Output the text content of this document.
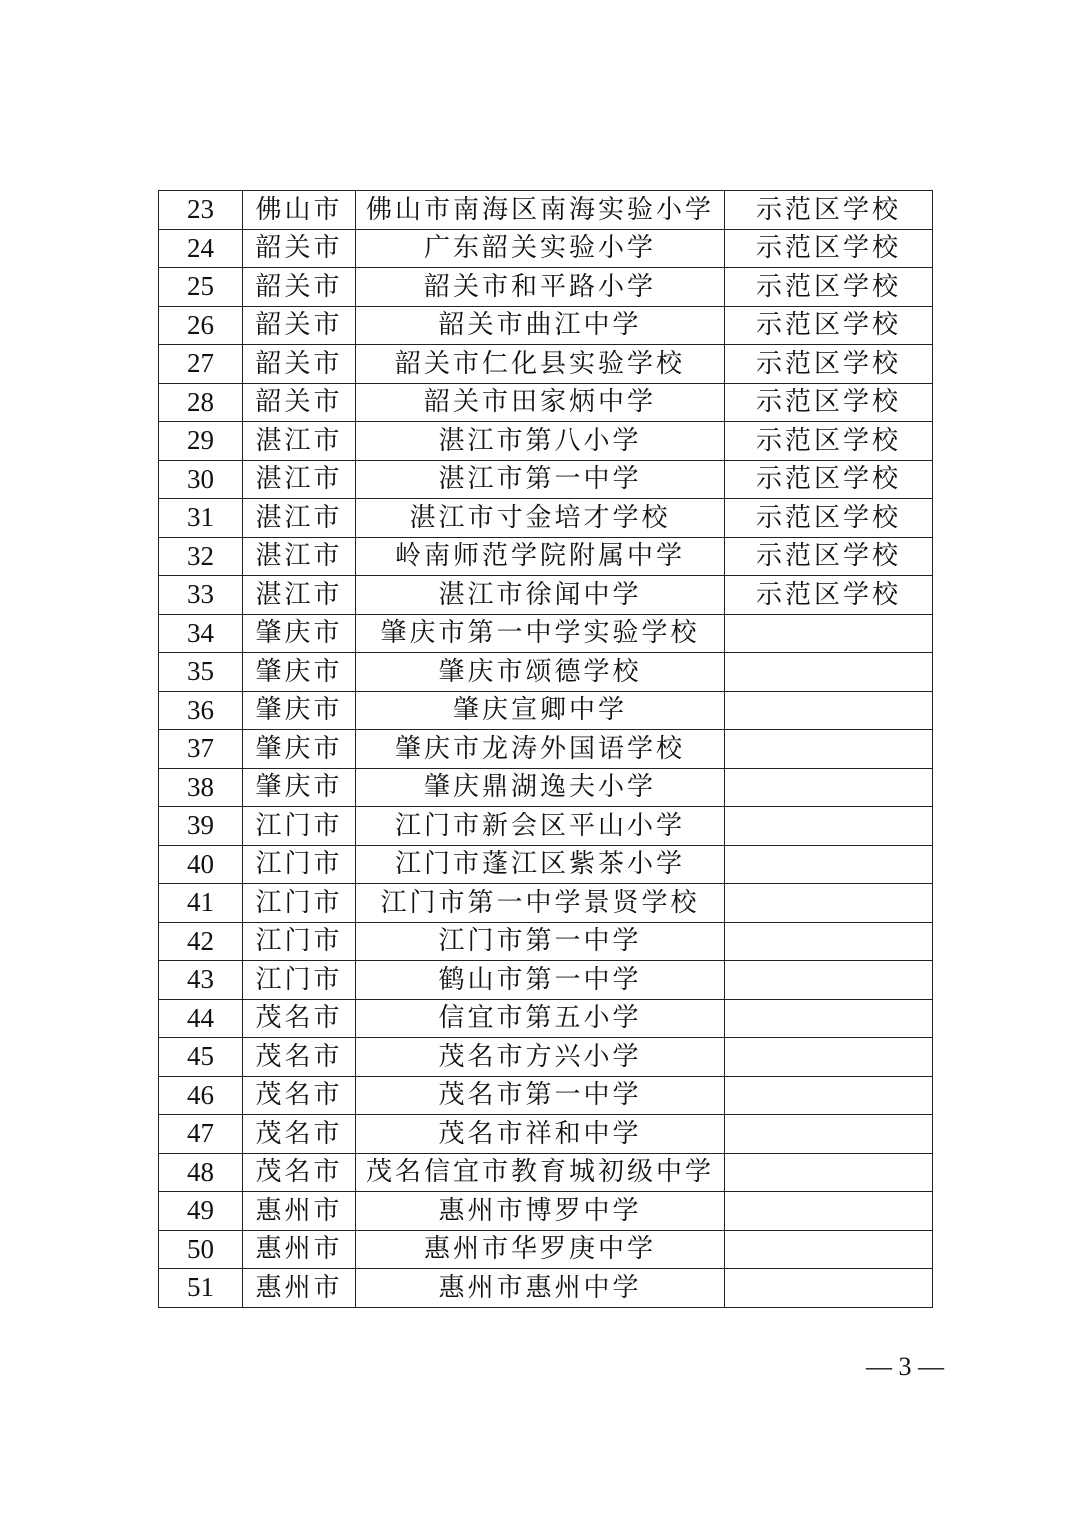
23	佛山市	佛山市南海区南海实验小学	示范区学校
24	韶关市	广东韶关实验小学	示范区学校
25	韶关市	韶关市和平路小学	示范区学校
26	韶关市	韶关市曲江中学	示范区学校
27	韶关市	韶关市仁化县实验学校	示范区学校
28	韶关市	韶关市田家炳中学	示范区学校
29	湛江市	湛江市第八小学	示范区学校
30	湛江市	湛江市第一中学	示范区学校
31	湛江市	湛江市寸金培才学校	示范区学校
32	湛江市	岭南师范学院附属中学	示范区学校
33	湛江市	湛江市徐闻中学	示范区学校
34	肇庆市	肇庆市第一中学实验学校	
35	肇庆市	肇庆市颂德学校	
36	肇庆市	肇庆宣卿中学	
37	肇庆市	肇庆市龙涛外国语学校	
38	肇庆市	肇庆鼎湖逸夫小学	
39	江门市	江门市新会区平山小学	
40	江门市	江门市蓬江区紫茶小学	
41	江门市	江门市第一中学景贤学校	
42	江门市	江门市第一中学	
43	江门市	鹤山市第一中学	
44	茂名市	信宜市第五小学	
45	茂名市	茂名市方兴小学	
46	茂名市	茂名市第一中学	
47	茂名市	茂名市祥和中学	
48	茂名市	茂名信宜市教育城初级中学	
49	惠州市	惠州市博罗中学	
50	惠州市	惠州市华罗庚中学	
51	惠州市	惠州市惠州中学	
— 3 —
